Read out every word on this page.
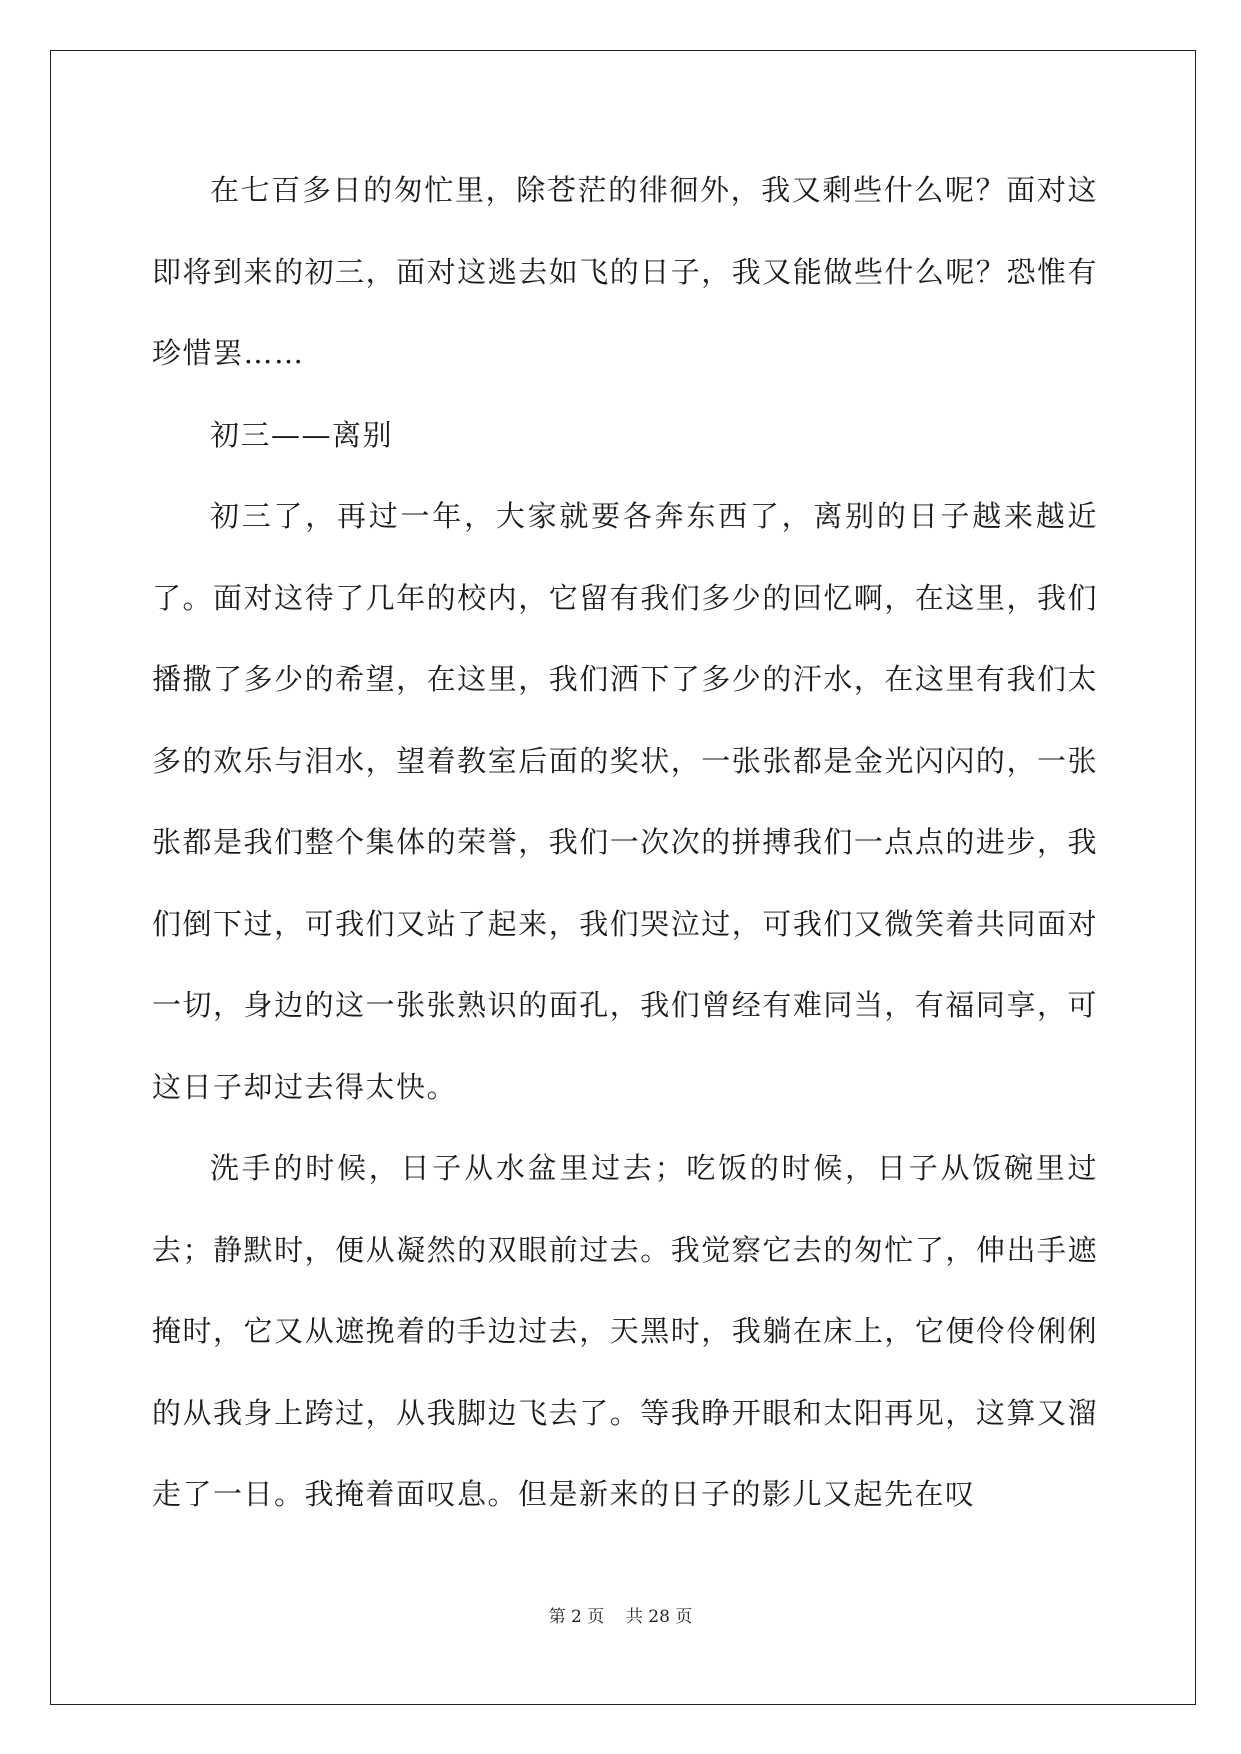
在七百多日的匆忙里，除苍茫的徘徊外，我又剩些什么呢？面对这即将到来的初三，面对这逃去如飞的日子，我又能做些什么呢？恐惟有珍惜罢……

初三——离别

初三了，再过一年，大家就要各奔东西了，离别的日子越来越近了。面对这待了几年的校内，它留有我们多少的回忆啊，在这里，我们播撒了多少的希望，在这里，我们洒下了多少的汗水，在这里有我们太多的欢乐与泪水，望着教室后面的奖状，一张张都是金光闪闪的，一张张都是我们整个集体的荣誉，我们一次次的拼搏我们一点点的进步，我们倒下过，可我们又站了起来，我们哭泣过，可我们又微笑着共同面对一切，身边的这一张张熟识的面孔，我们曾经有难同当，有福同享，可这日子却过去得太快。

洗手的时候，日子从水盆里过去；吃饭的时候，日子从饭碗里过去；静默时，便从凝然的双眼前过去。我觉察它去的匆忙了，伸出手遮掩时，它又从遮挽着的手边过去，天黑时，我躺在床上，它便伶伶俐俐的从我身上跨过，从我脚边飞去了。等我睁开眼和太阳再见，这算又溜走了一日。我掩着面叹息。但是新来的日子的影儿又起先在叹

第 2 页 共 28 页
